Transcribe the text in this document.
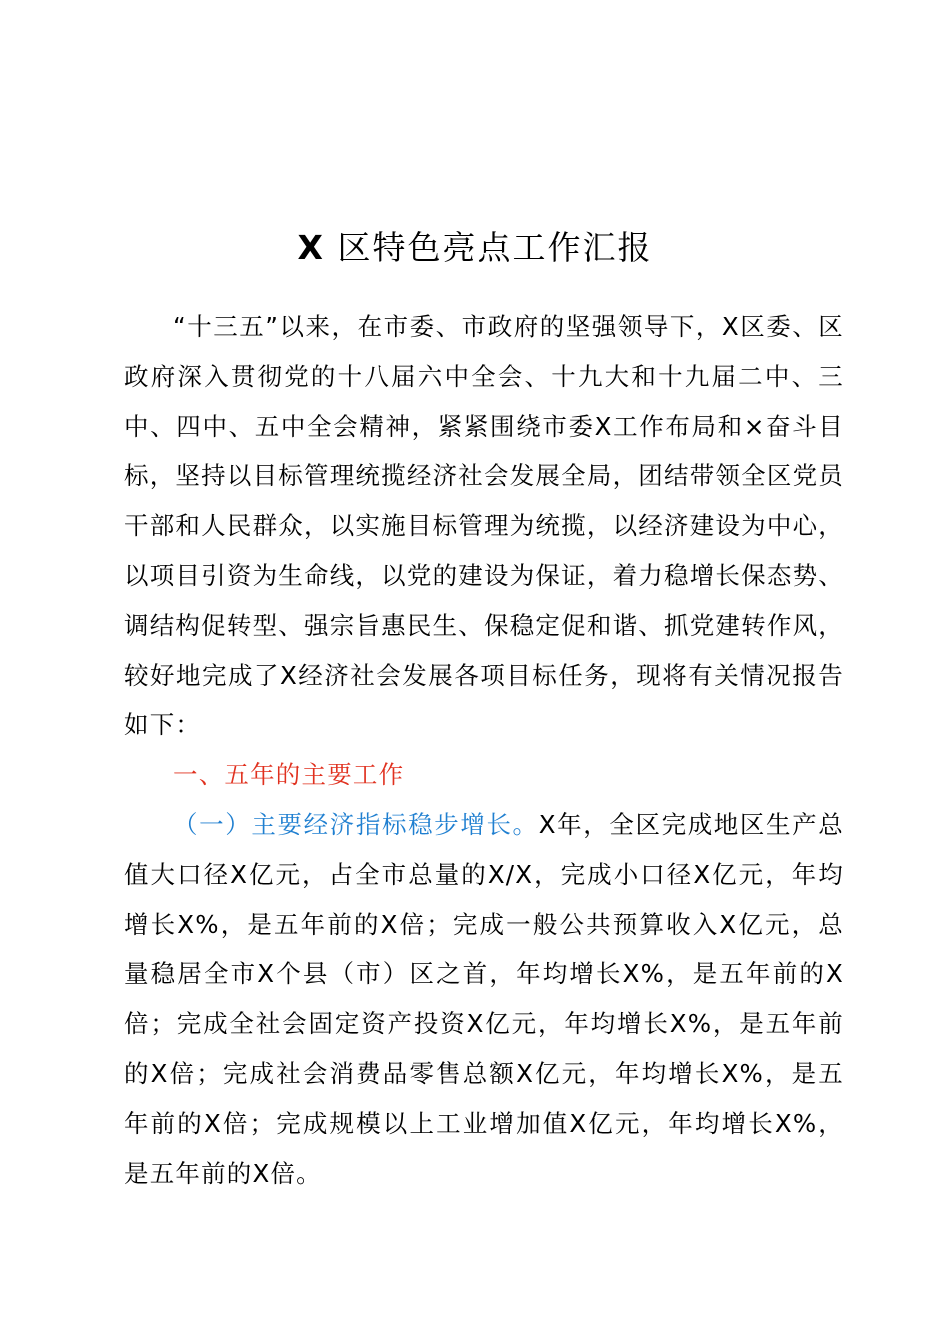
X 区特色亮点工作汇报

“十三五”以来，在市委、市政府的坚强领导下，X区委、区政府深入贯彻党的十八届六中全会、十九大和十九届二中、三中、四中、五中全会精神，紧紧围绕市委X工作布局和×奋斗目标，坚持以目标管理统揽经济社会发展全局，团结带领全区党员干部和人民群众，以实施目标管理为统揽，以经济建设为中心，以项目引资为生命线，以党的建设为保证，着力稳增长保态势、调结构促转型、强宗旨惠民生、保稳定促和谐、抓党建转作风，较好地完成了X经济社会发展各项目标任务，现将有关情况报告如下：

一、五年的主要工作

（一）主要经济指标稳步增长。X年，全区完成地区生产总值大口径X亿元，占全市总量的X/X，完成小口径X亿元，年均增长X%，是五年前的X倍；完成一般公共预算收入X亿元，总量稳居全市X个县（市）区之首，年均增长X%，是五年前的X倍；完成全社会固定资产投资X亿元，年均增长X%，是五年前的X倍；完成社会消费品零售总额X亿元，年均增长X%，是五年前的X倍；完成规模以上工业增加值X亿元，年均增长X%，是五年前的X倍。
